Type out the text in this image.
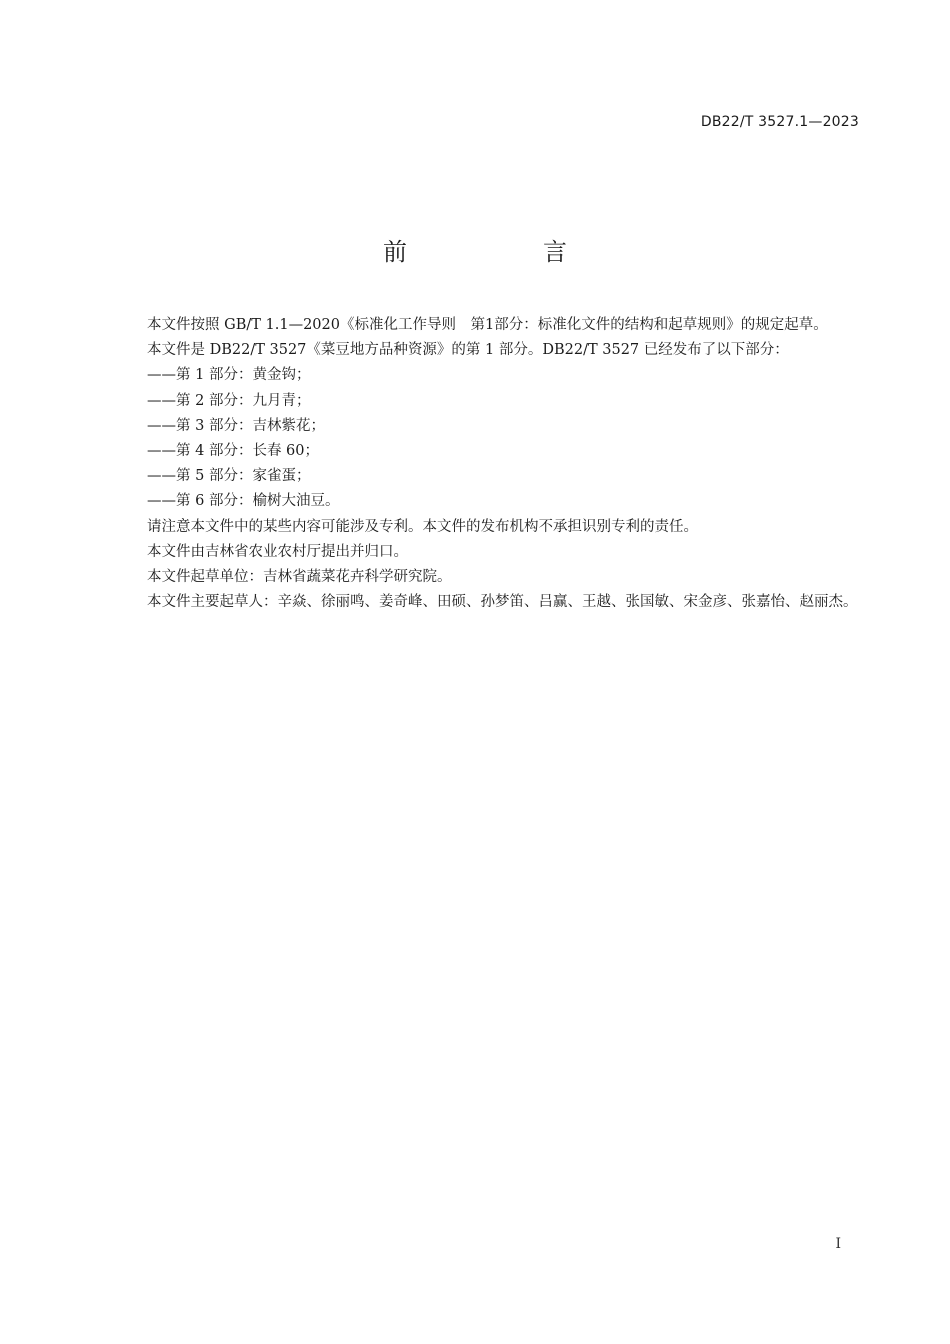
DB22/T 3527.1—2023
前　言

本文件按照 GB/T 1.1—2020《标准化工作导则　第1部分：标准化文件的结构和起草规则》的规定起草。

本文件是 DB22/T 3527《菜豆地方品种资源》的第 1 部分。DB22/T 3527 已经发布了以下部分：

——第 1 部分：黄金钩；

——第 2 部分：九月青；

——第 3 部分：吉林紫花；

——第 4 部分：长春 60；

——第 5 部分：家雀蛋；

——第 6 部分：榆树大油豆。

请注意本文件中的某些内容可能涉及专利。本文件的发布机构不承担识别专利的责任。

本文件由吉林省农业农村厅提出并归口。

本文件起草单位：吉林省蔬菜花卉科学研究院。

本文件主要起草人：辛焱、徐丽鸣、姜奇峰、田硕、孙梦笛、吕赢、王越、张国敏、宋金彦、张嘉怡、赵丽杰。

I
